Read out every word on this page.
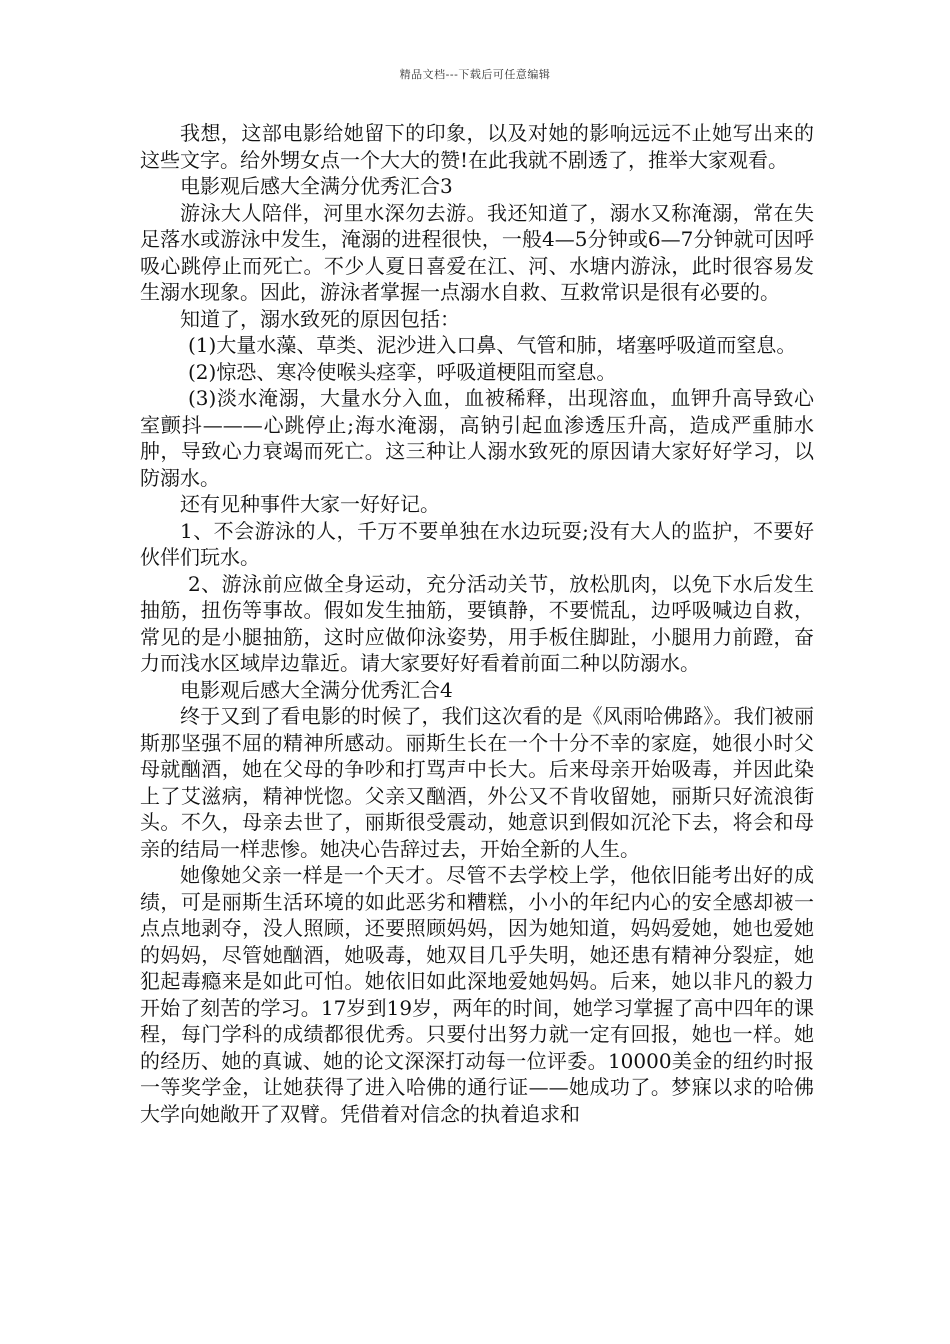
精品文档---下载后可任意编辑

我想，这部电影给她留下的印象，以及对她的影响远远不止她写出来的这些文字。给外甥女点一个大大的赞!在此我就不剧透了，推举大家观看。

电影观后感大全满分优秀汇合3

游泳大人陪伴，河里水深勿去游。我还知道了，溺水又称淹溺，常在失足落水或游泳中发生，淹溺的进程很快，一般4—5分钟或6—7分钟就可因呼吸心跳停止而死亡。不少人夏日喜爱在江、河、水塘内游泳，此时很容易发生溺水现象。因此，游泳者掌握一点溺水自救、互救常识是很有必要的。

知道了，溺水致死的原因包括：

(1)大量水藻、草类、泥沙进入口鼻、气管和肺，堵塞呼吸道而窒息。

(2)惊恐、寒冷使喉头痉挛，呼吸道梗阻而窒息。

(3)淡水淹溺，大量水分入血，血被稀释，出现溶血，血钾升高导致心室颤抖———心跳停止;海水淹溺，高钠引起血渗透压升高，造成严重肺水肿，导致心力衰竭而死亡。这三种让人溺水致死的原因请大家好好学习，以防溺水。

还有见种事件大家一好好记。

1、不会游泳的人，千万不要单独在水边玩耍;没有大人的监护，不要好伙伴们玩水。

2、游泳前应做全身运动，充分活动关节，放松肌肉，以免下水后发生抽筋，扭伤等事故。假如发生抽筋，要镇静，不要慌乱，边呼吸喊边自救，常见的是小腿抽筋，这时应做仰泳姿势，用手板住脚趾，小腿用力前蹬，奋力而浅水区域岸边靠近。请大家要好好看着前面二种以防溺水。

电影观后感大全满分优秀汇合4

终于又到了看电影的时候了，我们这次看的是《风雨哈佛路》。我们被丽斯那坚强不屈的精神所感动。丽斯生长在一个十分不幸的家庭，她很小时父母就酗酒，她在父母的争吵和打骂声中长大。后来母亲开始吸毒，并因此染上了艾滋病，精神恍惚。父亲又酗酒，外公又不肯收留她，丽斯只好流浪街头。不久，母亲去世了，丽斯很受震动，她意识到假如沉沦下去，将会和母亲的结局一样悲惨。她决心告辞过去，开始全新的人生。

她像她父亲一样是一个天才。尽管不去学校上学，他依旧能考出好的成绩，可是丽斯生活环境的如此恶劣和糟糕，小小的年纪内心的安全感却被一点点地剥夺，没人照顾，还要照顾妈妈，因为她知道，妈妈爱她，她也爱她的妈妈，尽管她酗酒，她吸毒，她双目几乎失明，她还患有精神分裂症，她犯起毒瘾来是如此可怕。她依旧如此深地爱她妈妈。后来，她以非凡的毅力开始了刻苦的学习。17岁到19岁，两年的时间，她学习掌握了高中四年的课程，每门学科的成绩都很优秀。只要付出努力就一定有回报，她也一样。她的经历、她的真诚、她的论文深深打动每一位评委。10000美金的纽约时报一等奖学金，让她获得了进入哈佛的通行证——她成功了。梦寐以求的哈佛大学向她敞开了双臂。凭借着对信念的执着追求和
